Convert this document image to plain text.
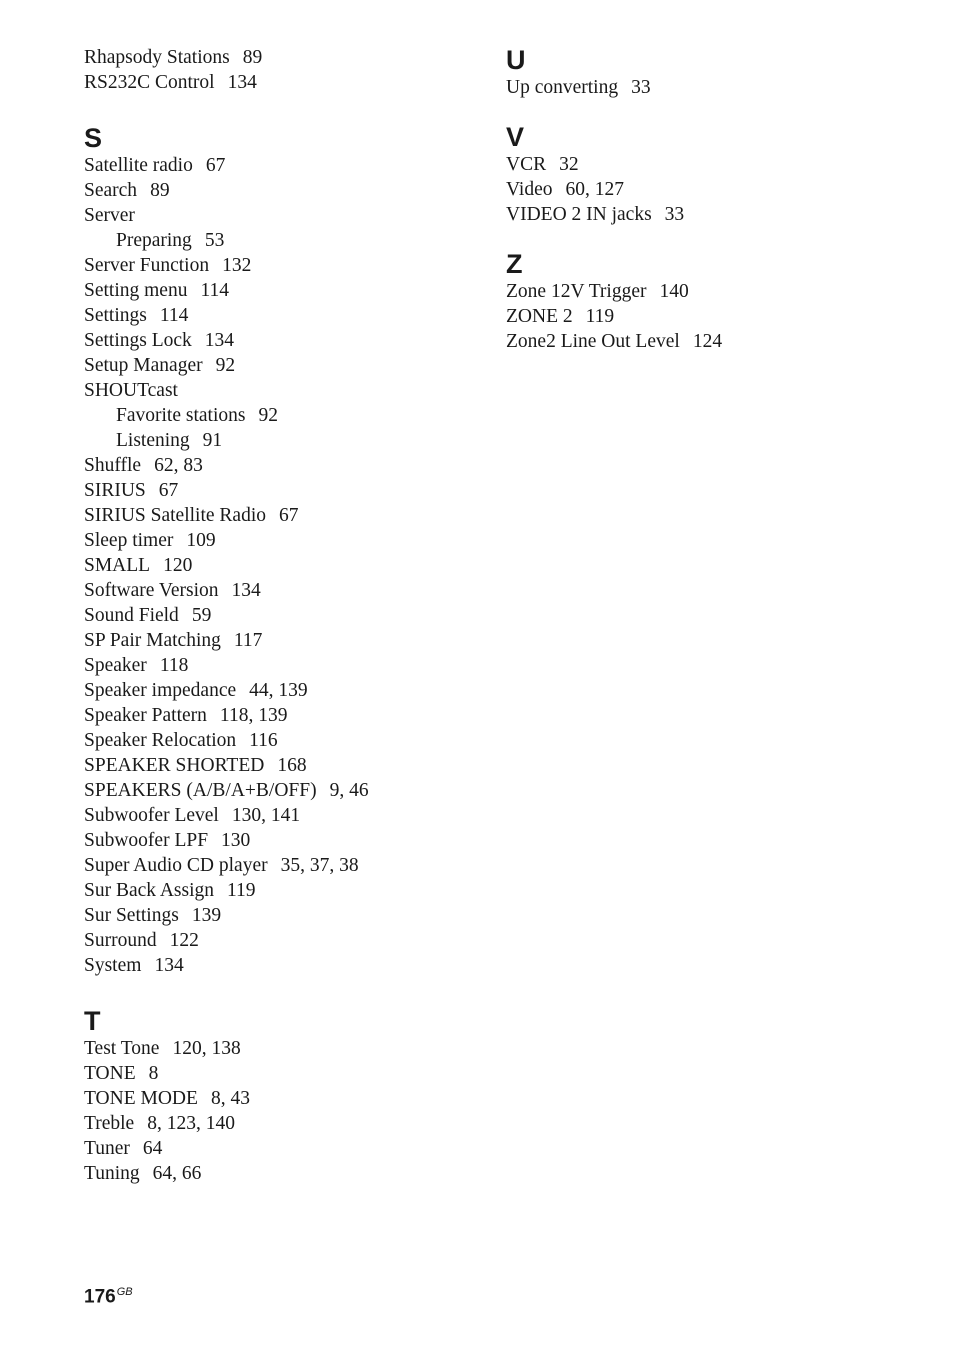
Rhapsody Stations 89
RS232C Control 134
S
Satellite radio 67
Search 89
Server
Preparing 53
Server Function 132
Setting menu 114
Settings 114
Settings Lock 134
Setup Manager 92
SHOUTcast
Favorite stations 92
Listening 91
Shuffle 62, 83
SIRIUS 67
SIRIUS Satellite Radio 67
Sleep timer 109
SMALL 120
Software Version 134
Sound Field 59
SP Pair Matching 117
Speaker 118
Speaker impedance 44, 139
Speaker Pattern 118, 139
Speaker Relocation 116
SPEAKER SHORTED 168
SPEAKERS (A/B/A+B/OFF) 9, 46
Subwoofer Level 130, 141
Subwoofer LPF 130
Super Audio CD player 35, 37, 38
Sur Back Assign 119
Sur Settings 139
Surround 122
System 134
T
Test Tone 120, 138
TONE 8
TONE MODE 8, 43
Treble 8, 123, 140
Tuner 64
Tuning 64, 66
U
Up converting 33
V
VCR 32
Video 60, 127
VIDEO 2 IN jacks 33
Z
Zone 12V Trigger 140
ZONE 2 119
Zone2 Line Out Level 124
$176^{GB}$
